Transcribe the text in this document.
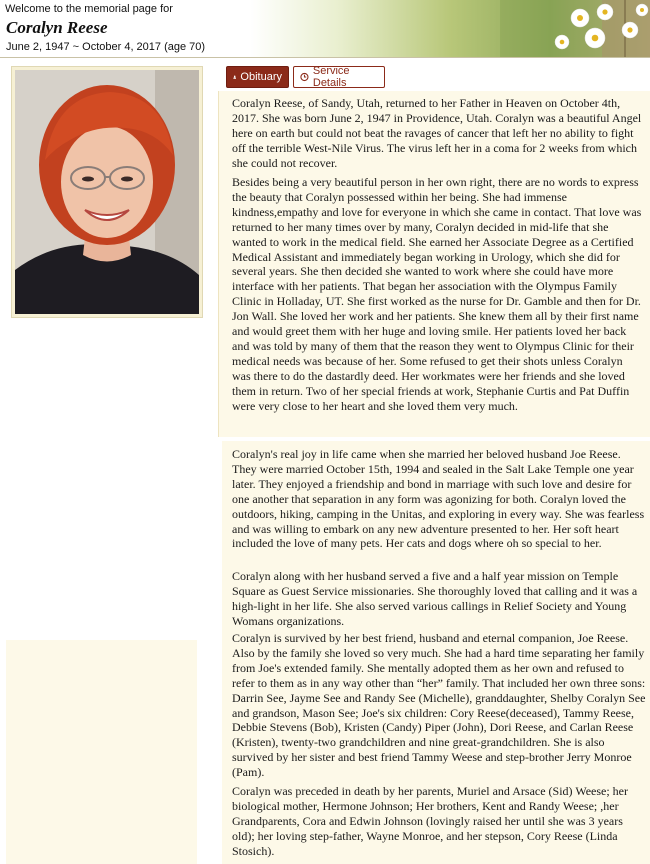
Welcome to the memorial page for
Coralyn Reese
June 2, 1947 ~ October 4, 2017 (age 70)
Obituary	Service Details

Coralyn Reese, of Sandy, Utah, returned to her Father in Heaven on October 4th, 2017. She was born June 2, 1947 in Providence, Utah. Coralyn was a beautiful Angel here on earth but could not beat the ravages of cancer that left her no ability to fight off the terrible West-Nile Virus. The virus left her in a coma for 2 weeks from which she could not recover.

Besides being a very beautiful person in her own right, there are no words to express the beauty that Coralyn possessed within her being. She had immense kindness,empathy and love for everyone in which she came in contact. That love was returned to her many times over by many, Coralyn decided in mid-life that she wanted to work in the medical field. She earned her Associate Degree as a Certified Medical Assistant and immediately began working in Urology, which she did for several years. She then decided she wanted to work where she could have more interface with her patients. That began her association with the Olympus Family Clinic in Holladay, UT. She first worked as the nurse for Dr. Gamble and then for Dr. Jon Wall. She loved her work and her patients. She knew them all by their first name and would greet them with her huge and loving smile. Her patients loved her back and was told by many of them that the reason they went to Olympus Clinic for their medical needs was because of her. Some refused to get their shots unless Coralyn was there to do the dastardly deed. Her workmates were her friends and she loved them in return. Two of her special friends at work, Stephanie Curtis and Pat Duffin were very close to her heart and she loved them very much.

Coralyn's real joy in life came when she married her beloved husband Joe Reese. They were married October 15th, 1994 and sealed in the Salt Lake Temple one year later. They enjoyed a friendship and bond in marriage with such love and desire for one another that separation in any form was agonizing for both. Coralyn loved the outdoors, hiking, camping in the Unitas, and exploring in every way. She was fearless and was willing to embark on any new adventure presented to her. Her soft heart included the love of many pets. Her cats and dogs where oh so special to her.

Coralyn along with her husband served a five and a half year mission on Temple Square as Guest Service missionaries. She thoroughly loved that calling and it was a high-light in her life. She also served various callings in Relief Society and Young Womans organizations.

Coralyn is survived by her best friend, husband and eternal companion, Joe Reese. Also by the family she loved so very much. She had a hard time separating her family from Joe's extended family. She mentally adopted them as her own and refused to refer to them as in any way other than “her” family. That included her own three sons: Darrin See, Jayme See and Randy See (Michelle), granddaughter, Shelby Coralyn See and grandson, Mason See; Joe's six children: Cory Reese(deceased), Tammy Reese, Debbie Stevens (Bob), Kristen (Candy) Piper (John), Dori Reese, and Carlan Reese (Kristen), twenty-two grandchildren and nine great-grandchildren. She is also survived by her sister and best friend Tammy Weese and step-brother Jerry Monroe (Pam).

Coralyn was preceded in death by her parents, Muriel and Arsace (Sid) Weese; her biological mother, Hermone Johnson; Her brothers, Kent and Randy Weese; ,her Grandparents, Cora and Edwin Johnson (lovingly raised her until she was 3 years old); her loving step-father, Wayne Monroe, and her stepson, Cory Reese (Linda Stosich).
